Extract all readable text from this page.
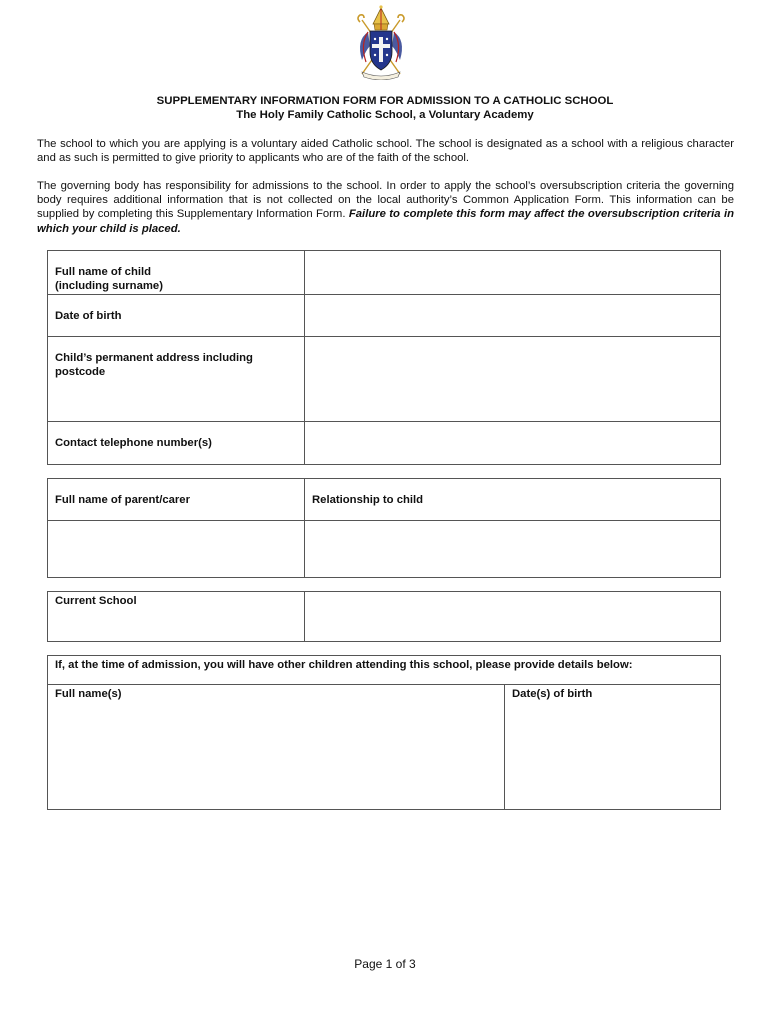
SUPPLEMENTARY INFORMATION FORM FOR ADMISSION TO A CATHOLIC SCHOOL
The Holy Family Catholic School, a Voluntary Academy

The school to which you are applying is a voluntary aided Catholic school. The school is designated as a school with a religious character and as such is permitted to give priority to applicants who are of the faith of the school.

The governing body has responsibility for admissions to the school. In order to apply the school’s oversubscription criteria the governing body requires additional information that is not collected on the local authority’s Common Application Form. This information can be supplied by completing this Supplementary Information Form. Failure to complete this form may affect the oversubscription criteria in which your child is placed.

Full name of child
(including surname)	

Date of birth	

Child’s permanent address including
postcode	

Contact telephone number(s)	
Full name of parent/carer	Relationship to child

Current School	
If, at the time of admission, you will have other children attending this school, please provide details below:

Full name(s)	Date(s) of birth
Page 1 of 3
